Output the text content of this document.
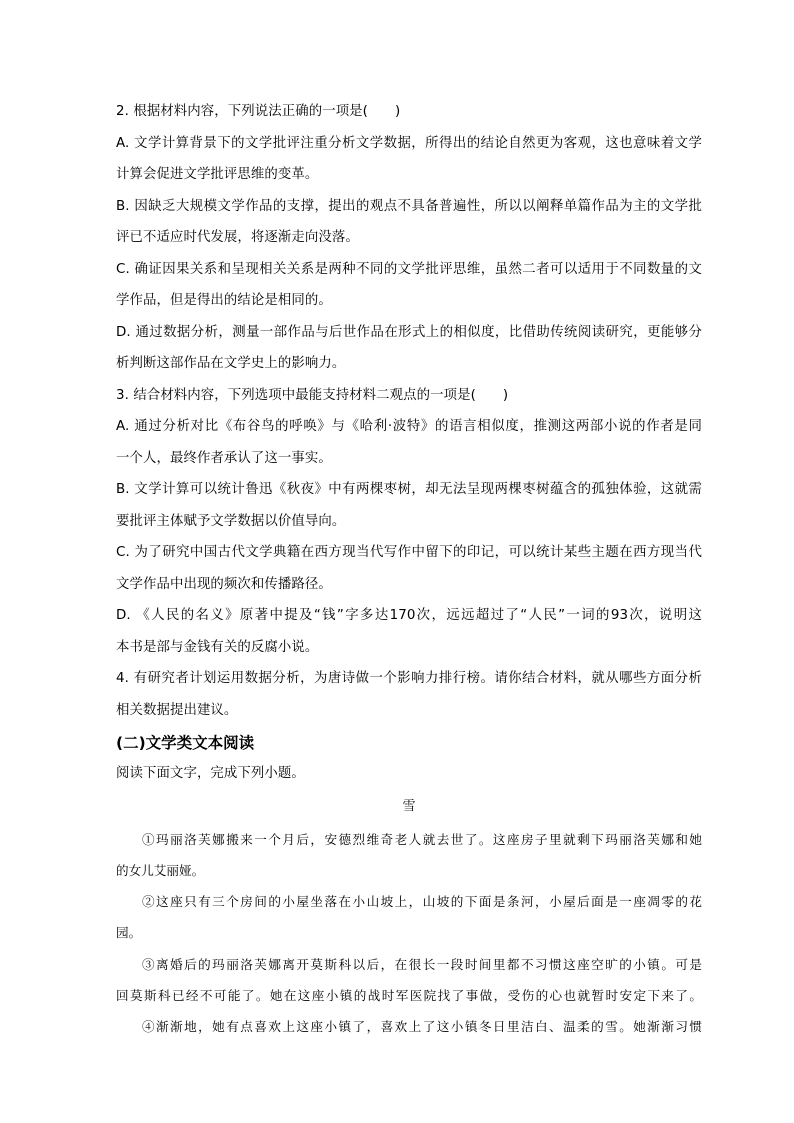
2. 根据材料内容，下列说法正确的一项是(　　)
A. 文学计算背景下的文学批评注重分析文学数据，所得出的结论自然更为客观，这也意味着文学
计算会促进文学批评思维的变革。
B. 因缺乏大规模文学作品的支撑，提出的观点不具备普遍性，所以以阐释单篇作品为主的文学批
评已不适应时代发展，将逐渐走向没落。
C. 确证因果关系和呈现相关关系是两种不同的文学批评思维，虽然二者可以适用于不同数量的文
学作品，但是得出的结论是相同的。
D. 通过数据分析，测量一部作品与后世作品在形式上的相似度，比借助传统阅读研究，更能够分
析判断这部作品在文学史上的影响力。
3. 结合材料内容，下列选项中最能支持材料二观点的一项是(　　)
A. 通过分析对比《布谷鸟的呼唤》与《哈利·波特》的语言相似度，推测这两部小说的作者是同
一个人，最终作者承认了这一事实。
B. 文学计算可以统计鲁迅《秋夜》中有两棵枣树，却无法呈现两棵枣树蕴含的孤独体验，这就需
要批评主体赋予文学数据以价值导向。
C. 为了研究中国古代文学典籍在西方现当代写作中留下的印记，可以统计某些主题在西方现当代
文学作品中出现的频次和传播路径。
D. 《人民的名义》原著中提及“钱”字多达170次，远远超过了“人民”一词的93次，说明这
本书是部与金钱有关的反腐小说。
4. 有研究者计划运用数据分析，为唐诗做一个影响力排行榜。请你结合材料，就从哪些方面分析
相关数据提出建议。
(二)文学类文本阅读
阅读下面文字，完成下列小题。
雪
①玛丽洛芙娜搬来一个月后，安德烈维奇老人就去世了。这座房子里就剩下玛丽洛芙娜和她
的女儿艾丽娅。
②这座只有三个房间的小屋坐落在小山坡上，山坡的下面是条河，小屋后面是一座凋零的花
园。
③离婚后的玛丽洛芙娜离开莫斯科以后，在很长一段时间里都不习惯这座空旷的小镇。可是
回莫斯科已经不可能了。她在这座小镇的战时军医院找了事做，受伤的心也就暂时安定下来了。
④渐渐地，她有点喜欢上这座小镇了，喜欢上了这小镇冬日里洁白、温柔的雪。她渐渐习惯
